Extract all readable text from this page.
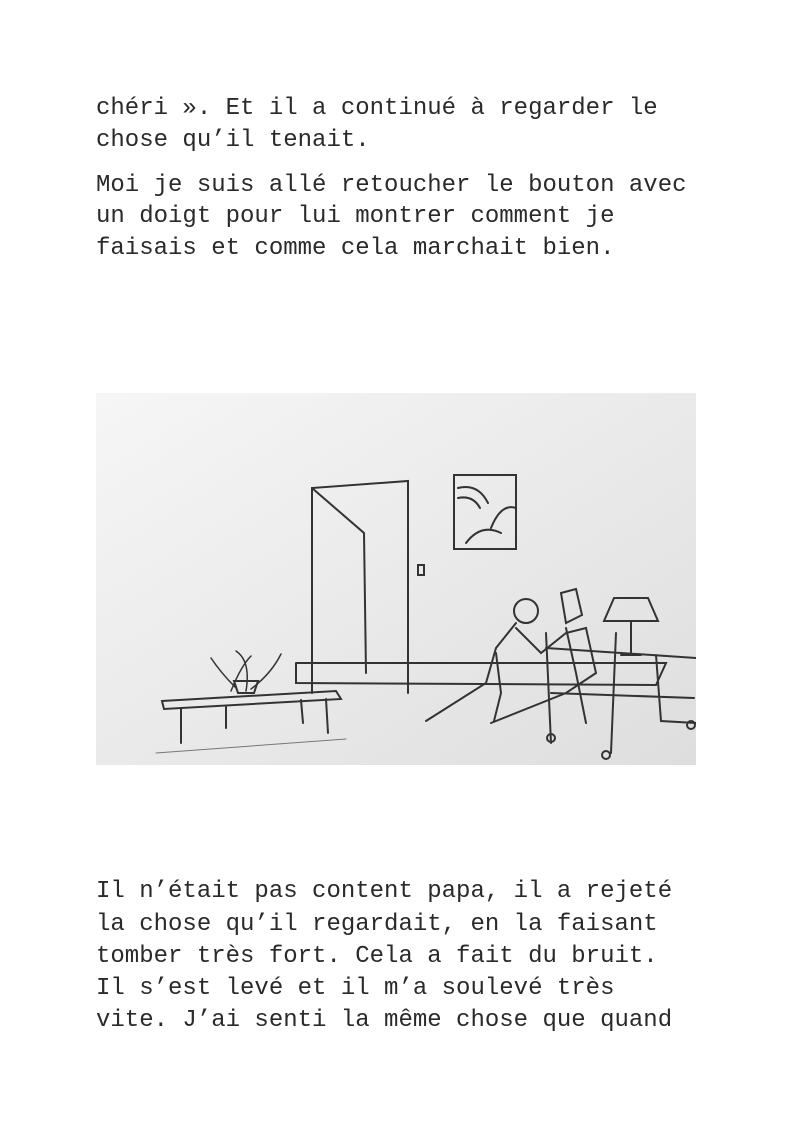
chéri ». Et il a continué à regarder le
chose qu’il tenait.
Moi je suis allé retoucher le bouton avec
un doigt pour lui montrer comment je
faisais et comme cela marchait bien.
Il n’était pas content papa, il a rejeté
la chose qu’il regardait, en la faisant
tomber très fort. Cela a fait du bruit.
Il s’est levé et il m’a soulevé très
vite. J’ai senti la même chose que quand
